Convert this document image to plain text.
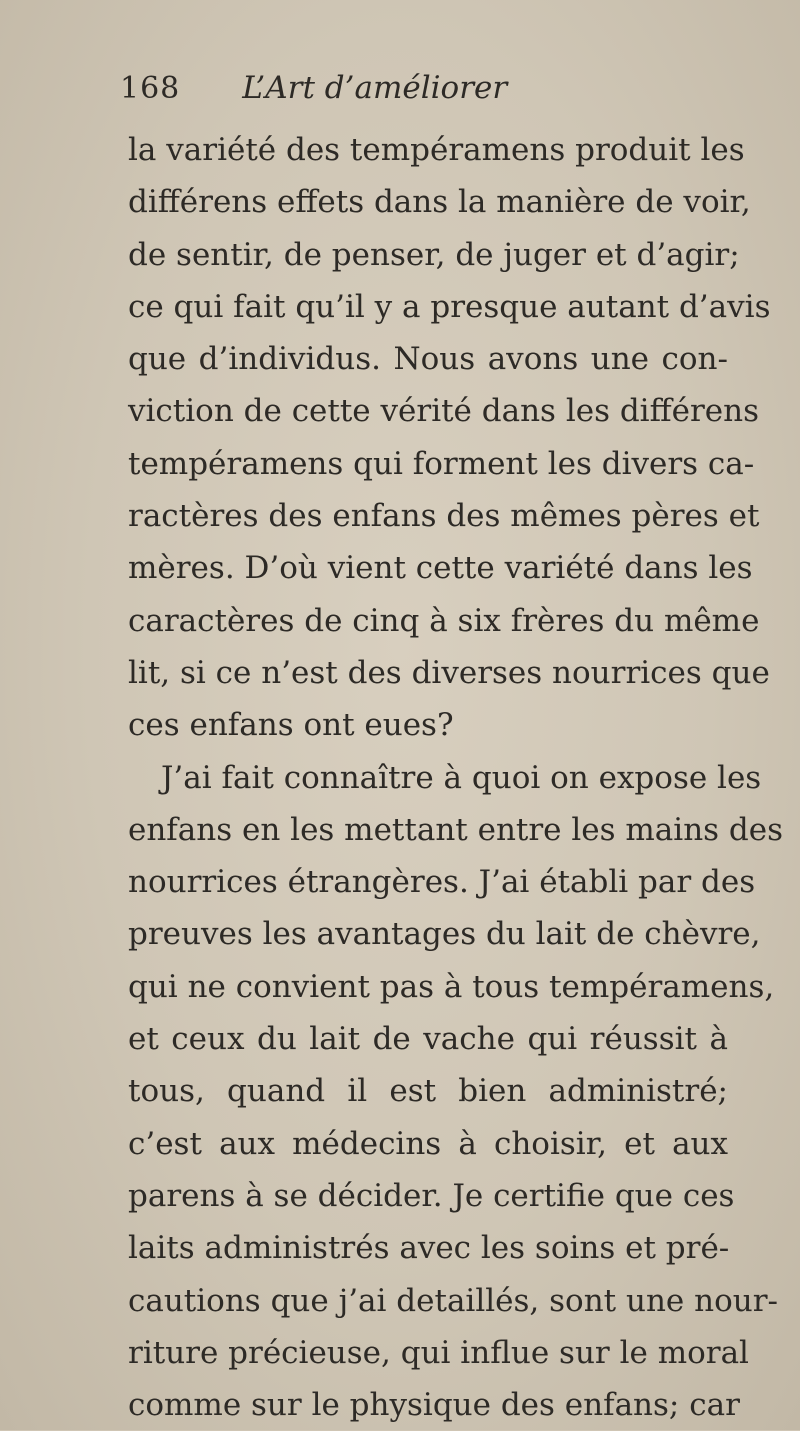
168 L’Art d’améliorer
la variété des tempéramens produit les
différens effets dans la manière de voir,
de sentir, de penser, de juger et d’agir;
ce qui fait qu’il y a presque autant d’avis
que d’individus. Nous avons une con-
viction de cette vérité dans les différens
tempéramens qui forment les divers ca-
ractères des enfans des mêmes pères et
mères. D’où vient cette variété dans les
caractères de cinq à six frères du même
lit, si ce n’est des diverses nourrices que
ces enfans ont eues?
J’ai fait connaître à quoi on expose les
enfans en les mettant entre les mains des
nourrices étrangères. J’ai établi par des
preuves les avantages du lait de chèvre,
qui ne convient pas à tous tempéramens,
et ceux du lait de vache qui réussit à
tous, quand il est bien administré;
c’est aux médecins à choisir, et aux
parens à se décider. Je certifie que ces
laits administrés avec les soins et pré-
cautions que j’ai detaillés, sont une nour-
riture précieuse, qui influe sur le moral
comme sur le physique des enfans; car
